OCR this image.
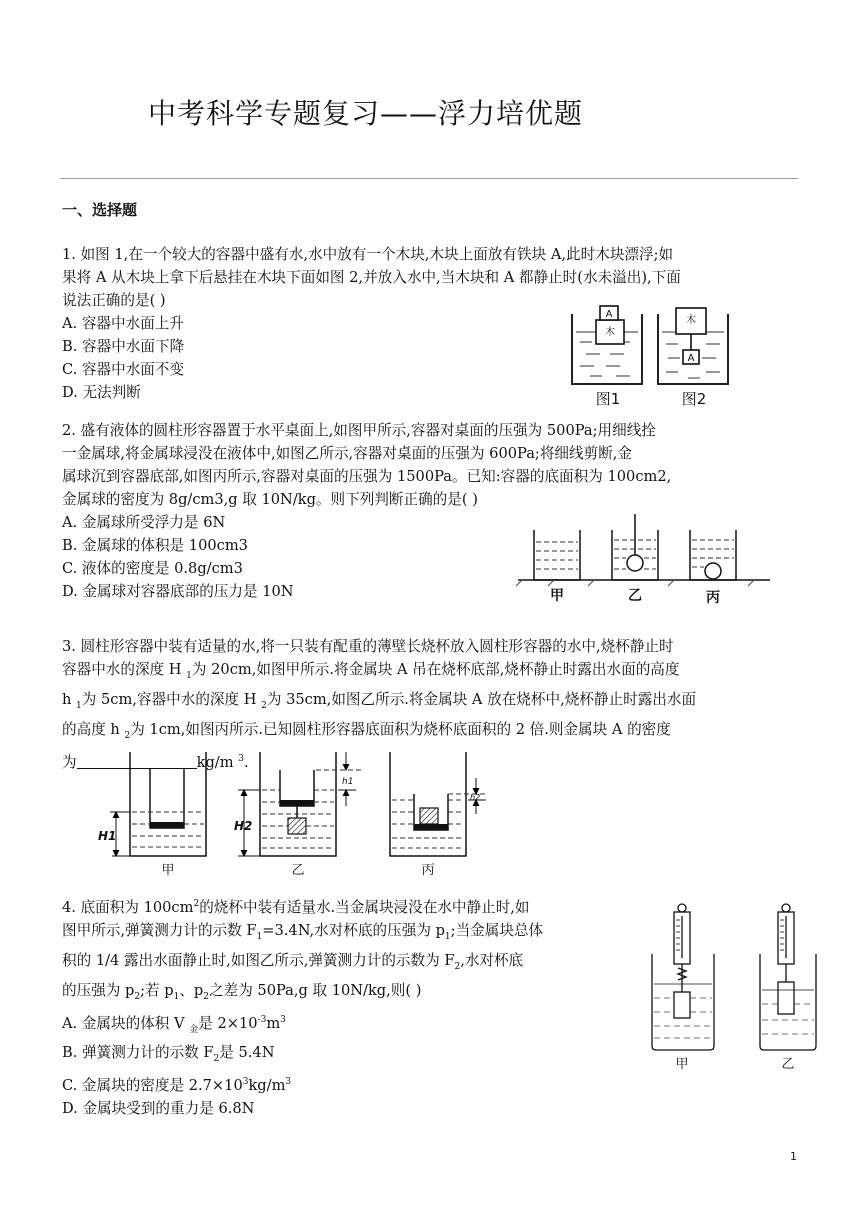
中考科学专题复习——浮力培优题
一、选择题

1. 如图 1,在一个较大的容器中盛有水,水中放有一个木块,木块上面放有铁块 A,此时木块漂浮;如

果将 A 从木块上拿下后悬挂在木块下面如图 2,并放入水中,当木块和 A 都静止时(水未溢出),下面

说法正确的是( )

A. 容器中水面上升

B. 容器中水面下降

C. 容器中水面不变

D. 无法判断

木
A
木
A
图1	图2

2. 盛有液体的圆柱形容器置于水平桌面上,如图甲所示,容器对桌面的压强为 500Pa;用细线拴

一金属球,将金属球浸没在液体中,如图乙所示,容器对桌面的压强为 600Pa;将细线剪断,金

属球沉到容器底部,如图丙所示,容器对桌面的压强为 1500Pa。已知:容器的底面积为 100cm2,

金属球的密度为 8g/cm3,g 取 10N/kg。则下列判断正确的是( )

A. 金属球所受浮力是 6N

B. 金属球的体积是 100cm3

C. 液体的密度是 0.8g/cm3

D. 金属球对容器底部的压力是 10N	甲	乙	丙

3. 圆柱形容器中装有适量的水,将一只装有配重的薄壁长烧杯放入圆柱形容器的水中,烧杯静止时

容器中水的深度 H $_1$为 20cm,如图甲所示.将金属块 A 吊在烧杯底部,烧杯静止时露出水面的高度

h $_1$为 5cm,容器中水的深度 H $_2$为 35cm,如图乙所示.将金属块 A 放在烧杯中,烧杯静止时露出水面

的高度 h $_2$为 1cm,如图丙所示.已知圆柱形容器底面积为烧杯底面积的 2 倍.则金属块 A 的密度

为	kg/m $^3$.

H1
H2
h1
h2
甲	乙	丙

4. 底面积为 $100cm^2$的烧杯中装有适量水.当金属块浸没在水中静止时,如

图甲所示,弹簧测力计的示数 $F_1=3.4N$,水对杯底的压强为 $p_1$;当金属块总体

积的 1/4 露出水面静止时,如图乙所示,弹簧测力计的示数为 $F_2$,水对杯底

的压强为 $p_2$;若 $p_1$、$p_2$之差为 50Pa,g 取 10N/kg,则( )

A. 金属块的体积 V $_金$是 $2\times 10^{-3}m^3$

B. 弹簧测力计的示数 $F_2$是 5.4N

C. 金属块的密度是 $2.7\times 10^3kg/m^3$

D. 金属块受到的重力是 6.8N

甲	乙
1
